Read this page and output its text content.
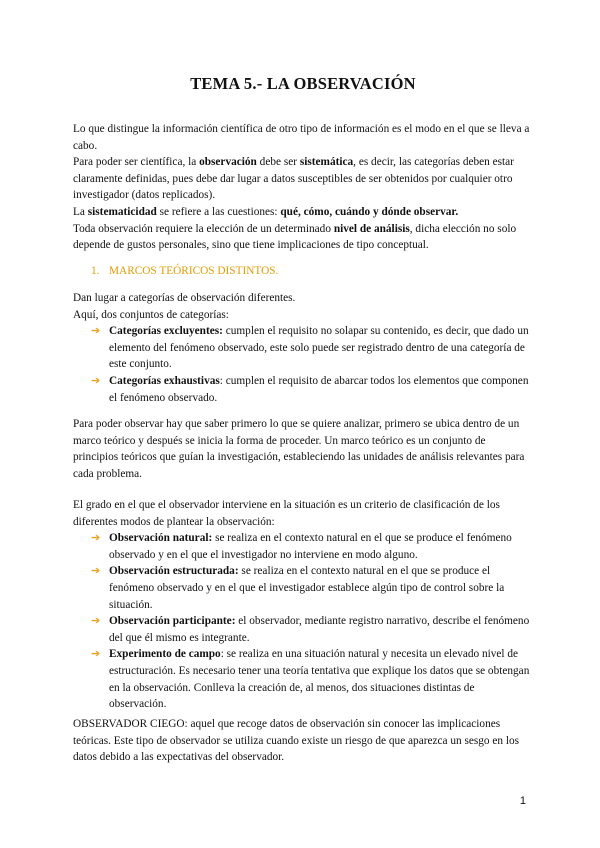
TEMA 5.- LA OBSERVACIÓN

Lo que distingue la información científica de otro tipo de información es el modo en el que se lleva a cabo.

Para poder ser científica, la observación debe ser sistemática, es decir, las categorías deben estar claramente definidas, pues debe dar lugar a datos susceptibles de ser obtenidos por cualquier otro investigador (datos replicados).

La sistematicidad se refiere a las cuestiones: qué, cómo, cuándo y dónde observar.

Toda observación requiere la elección de un determinado nivel de análisis, dicha elección no solo depende de gustos personales, sino que tiene implicaciones de tipo conceptual.

1. MARCOS TEÓRICOS DISTINTOS.

Dan lugar a categorías de observación diferentes.

Aquí, dos conjuntos de categorías:

➔ Categorías excluyentes: cumplen el requisito no solapar su contenido, es decir, que dado un elemento del fenómeno observado, este solo puede ser registrado dentro de una categoría de este conjunto.
➔ Categorías exhaustivas: cumplen el requisito de abarcar todos los elementos que componen el fenómeno observado.

Para poder observar hay que saber primero lo que se quiere analizar, primero se ubica dentro de un marco teórico y después se inicia la forma de proceder. Un marco teórico es un conjunto de principios teóricos que guían la investigación, estableciendo las unidades de análisis relevantes para cada problema.

El grado en el que el observador interviene en la situación es un criterio de clasificación de los diferentes modos de plantear la observación:

➔ Observación natural: se realiza en el contexto natural en el que se produce el fenómeno observado y en el que el investigador no interviene en modo alguno.
➔ Observación estructurada: se realiza en el contexto natural en el que se produce el fenómeno observado y en el que el investigador establece algún tipo de control sobre la situación.
➔ Observación participante: el observador, mediante registro narrativo, describe el fenómeno del que él mismo es integrante.
➔ Experimento de campo: se realiza en una situación natural y necesita un elevado nivel de estructuración. Es necesario tener una teoría tentativa que explique los datos que se obtengan en la observación. Conlleva la creación de, al menos, dos situaciones distintas de observación.

OBSERVADOR CIEGO: aquel que recoge datos de observación sin conocer las implicaciones teóricas. Este tipo de observador se utiliza cuando existe un riesgo de que aparezca un sesgo en los datos debido a las expectativas del observador.

1
